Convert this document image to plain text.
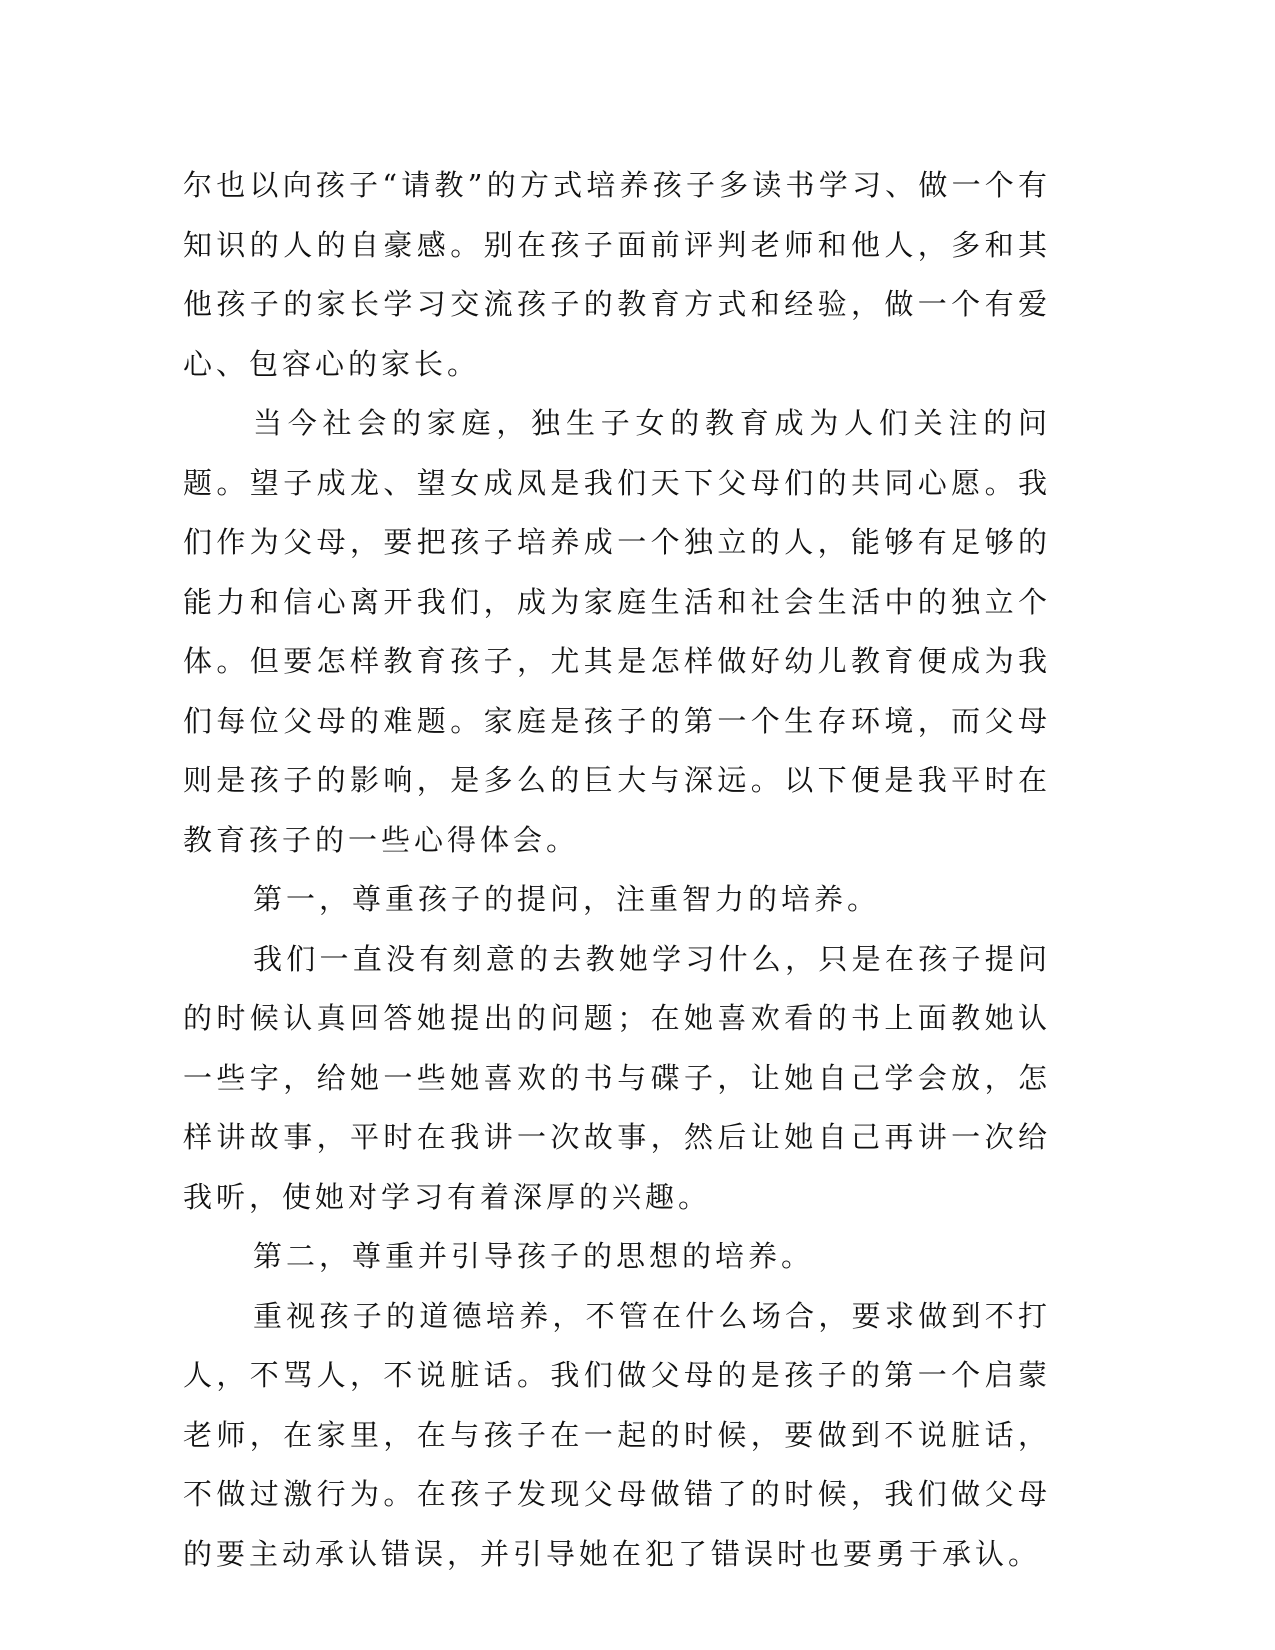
尔也以向孩子“请教”的方式培养孩子多读书学习、做一个有知识的人的自豪感。别在孩子面前评判老师和他人，多和其他孩子的家长学习交流孩子的教育方式和经验，做一个有爱心、包容心的家长。

当今社会的家庭，独生子女的教育成为人们关注的问题。望子成龙、望女成凤是我们天下父母们的共同心愿。我们作为父母，要把孩子培养成一个独立的人，能够有足够的能力和信心离开我们，成为家庭生活和社会生活中的独立个体。但要怎样教育孩子，尤其是怎样做好幼儿教育便成为我们每位父母的难题。家庭是孩子的第一个生存环境，而父母则是孩子的影响，是多么的巨大与深远。以下便是我平时在教育孩子的一些心得体会。

第一，尊重孩子的提问，注重智力的培养。

我们一直没有刻意的去教她学习什么，只是在孩子提问的时候认真回答她提出的问题；在她喜欢看的书上面教她认一些字，给她一些她喜欢的书与碟子，让她自己学会放，怎样讲故事，平时在我讲一次故事，然后让她自己再讲一次给我听，使她对学习有着深厚的兴趣。

第二，尊重并引导孩子的思想的培养。

重视孩子的道德培养，不管在什么场合，要求做到不打人，不骂人，不说脏话。我们做父母的是孩子的第一个启蒙老师，在家里，在与孩子在一起的时候，要做到不说脏话，不做过激行为。在孩子发现父母做错了的时候，我们做父母的要主动承认错误，并引导她在犯了错误时也要勇于承认。
